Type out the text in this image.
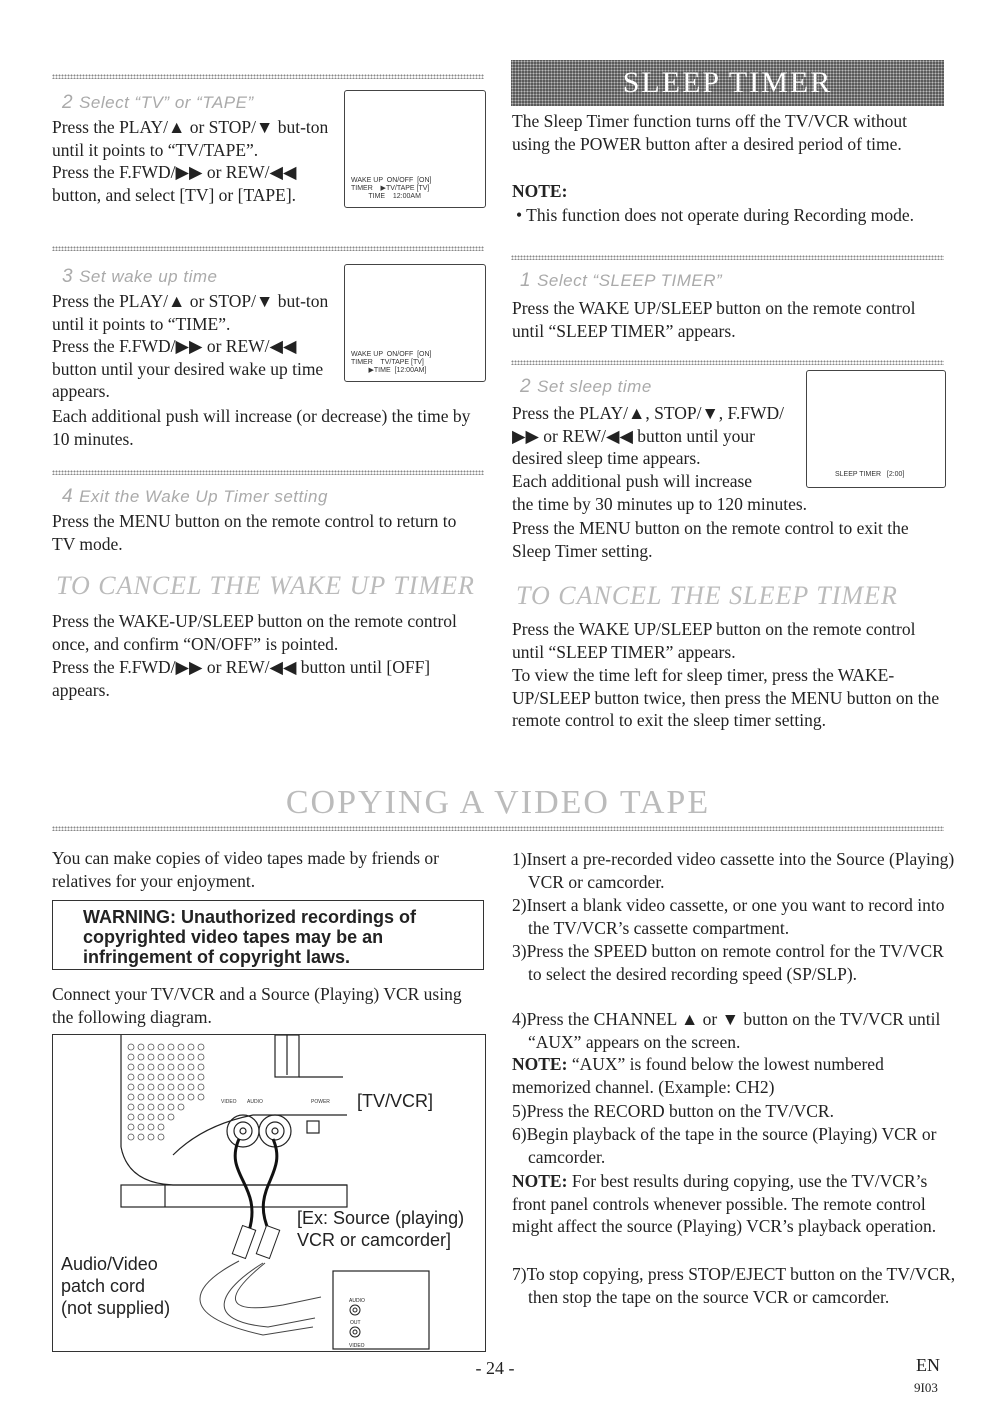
2 Select “TV” or “TAPE”
Press the PLAY/▲ or STOP/▼ but-ton until it points to “TV/TAPE”.
Press the F.FWD/▶▶ or REW/◀◀ button, and select [TV] or [TAPE].
WAKE UP  ON/OFF  [ON]
TIMER    ▶TV/TAPE [TV]
TIME    12:00AM
3 Set wake up time
Press the PLAY/▲ or STOP/▼ but-ton until it points to “TIME”.
Press the F.FWD/▶▶ or REW/◀◀ button until your desired wake up time appears.
Each additional push will increase (or decrease) the time by 10 minutes.
WAKE UP  ON/OFF  [ON]
TIMER    TV/TAPE [TV]
▶TIME  [12:00AM]
4 Exit the Wake Up Timer setting
Press the MENU button on the remote control to return to TV mode.
TO CANCEL THE WAKE UP TIMER
Press the WAKE-UP/SLEEP button on the remote control once, and confirm “ON/OFF” is pointed.
Press the F.FWD/▶▶ or REW/◀◀ button until [OFF] appears.
SLEEP TIMER
The Sleep Timer function turns off the TV/VCR without using the POWER button after a desired period of time.
NOTE:
• This function does not operate during Recording mode.
1 Select “SLEEP TIMER”
Press the WAKE UP/SLEEP button on the remote control until “SLEEP TIMER” appears.
2 Set sleep time
Press the PLAY/▲, STOP/▼, F.FWD/▶▶ or REW/◀◀ button until your desired sleep time appears.
Each additional push will increase
the time by 30 minutes up to 120 minutes.
Press the MENU button on the remote control to exit the Sleep Timer setting.
SLEEP TIMER   [2:00]
TO CANCEL THE SLEEP TIMER
Press the WAKE UP/SLEEP button on the remote control until “SLEEP TIMER” appears.
To view the time left for sleep timer, press the WAKE-UP/SLEEP button twice, then press the MENU button on the remote control to exit the sleep timer setting.
COPYING A VIDEO TAPE
You can make copies of video tapes made by friends or relatives for your enjoyment.
WARNING: Unauthorized recordings of copyrighted video tapes may be an infringement of copyright laws.
Connect your TV/VCR and a Source (Playing) VCR using the following diagram.
VIDEO AUDIO	POWER
AUDIO
OUT
VIDEO
[TV/VCR]
[Ex: Source (playing)
VCR or camcorder]
Audio/Video
patch cord
(not supplied)
1)Insert a pre-recorded video cassette into the Source (Playing) VCR or camcorder.
2)Insert a blank video cassette, or one you want to record into the TV/VCR’s cassette compartment.
3)Press the SPEED button on remote control for the TV/VCR to select the desired recording speed (SP/SLP).
4)Press the CHANNEL ▲ or ▼ button on the TV/VCR until “AUX” appears on the screen.
NOTE: “AUX” is found below the lowest numbered memorized channel. (Example: CH2)
5)Press the RECORD button on the TV/VCR.
6)Begin playback of the tape in the source (Playing) VCR or camcorder.
NOTE: For best results during copying, use the TV/VCR’s front panel controls whenever possible. The remote control might affect the source (Playing) VCR’s playback operation.
7)To stop copying, press STOP/EJECT button on the TV/VCR, then stop the tape on the source VCR or camcorder.
- 24 -	EN
9I03
